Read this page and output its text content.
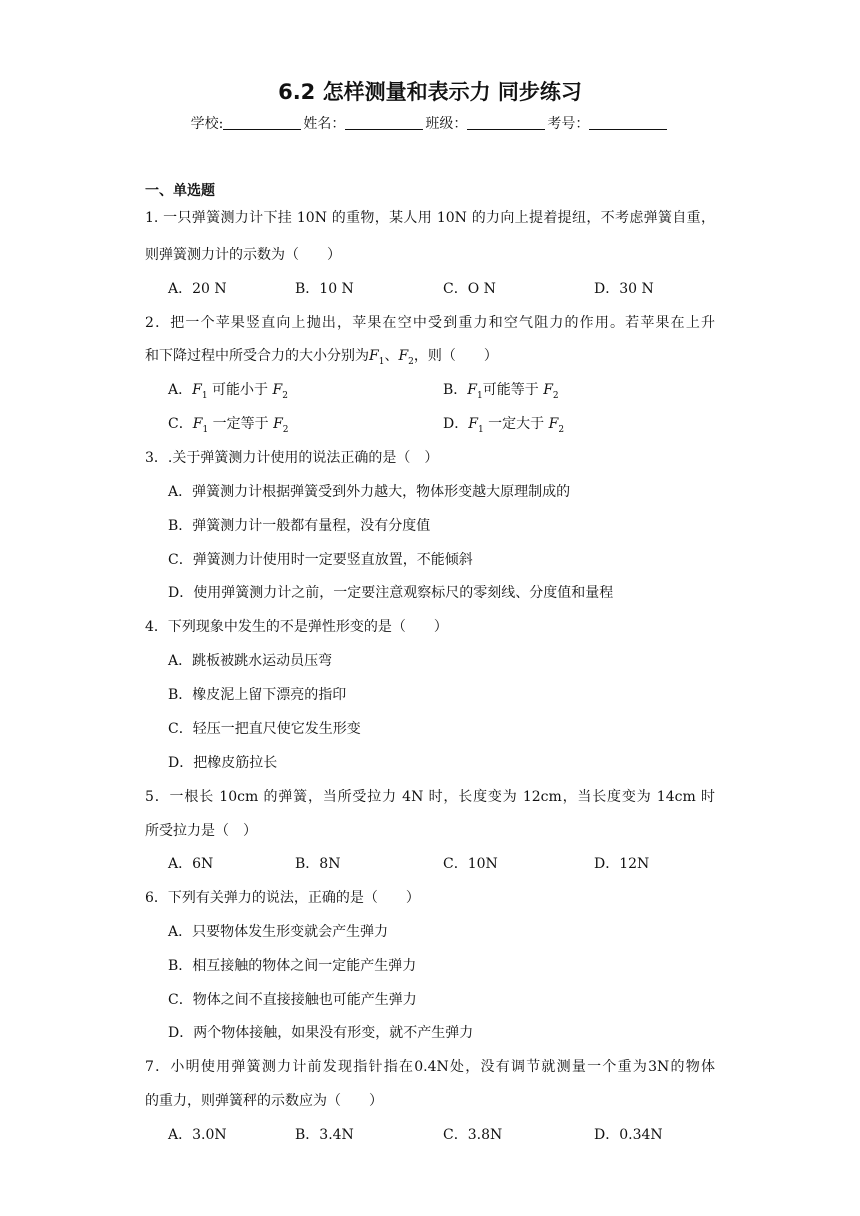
6.2 怎样测量和表示力 同步练习
学校:	姓名：	班级：	考号：
一、单选题
1. 一只弹簧测力计下挂 10N 的重物，某人用 10N 的力向上提着提纽，不考虑弹簧自重，
则弹簧测力计的示数为（　　）
A．20 N	B．10 N	C．O N	D．30 N
2．把一个苹果竖直向上抛出，苹果在空中受到重力和空气阻力的作用。若苹果在上升
和下降过程中所受合力的大小分别为$F_1$、$F_2$，则（　　）
A．$F_1$ 可能小于 $F_2$	B．$F_1$可能等于 $F_2$
C．$F_1$ 一定等于 $F_2$	D．$F_1$ 一定大于 $F_2$
3．.关于弹簧测力计使用的说法正确的是（　）
A．弹簧测力计根据弹簧受到外力越大，物体形变越大原理制成的
B．弹簧测力计一般都有量程，没有分度值
C．弹簧测力计使用时一定要竖直放置，不能倾斜
D．使用弹簧测力计之前，一定要注意观察标尺的零刻线、分度值和量程
4．下列现象中发生的不是弹性形变的是（　　）
A．跳板被跳水运动员压弯
B．橡皮泥上留下漂亮的指印
C．轻压一把直尺使它发生形变
D．把橡皮筋拉长
5．一根长 10cm 的弹簧，当所受拉力 4N 时，长度变为 12cm，当长度变为 14cm 时
所受拉力是（　）
A．6N	B．8N	C．10N	D．12N
6．下列有关弹力的说法，正确的是（　　）
A．只要物体发生形变就会产生弹力
B．相互接触的物体之间一定能产生弹力
C．物体之间不直接接触也可能产生弹力
D．两个物体接触，如果没有形变，就不产生弹力
7．小明使用弹簧测力计前发现指针指在0.4N处，没有调节就测量一个重为3N的物体
的重力，则弹簧秤的示数应为（　　）
A．3.0N	B．3.4N	C．3.8N	D．0.34N
